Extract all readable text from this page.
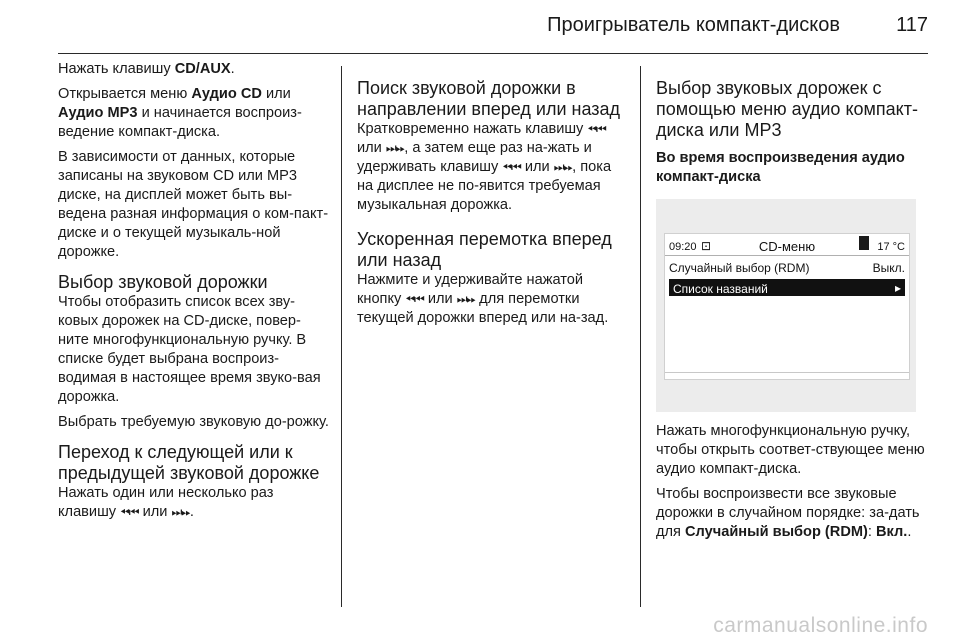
Проигрыватель компакт-дисков	117

Нажать клавишу CD/AUX.

Открывается меню Аудио CD или Аудио MP3 и начинается воспроиз-ведение компакт-диска.

В зависимости от данных, которые записаны на звуковом CD или MP3 диске, на дисплей может быть вы-ведена разная информация о ком-пакт-диске и о текущей музыкаль-ной дорожке.

Выбор звуковой дорожки

Чтобы отобразить список всех зву-ковых дорожек на CD-диске, повер-ните многофункциональную ручку. В списке будет выбрана воспроиз-водимая в настоящее время звуко-вая дорожка.

Выбрать требуемую звуковую до-рожку.

Переход к следующей или к предыдущей звуковой дорожке

Нажать один или несколько раз клавишу ⏪︎⏮︎ или ⏭︎⏩︎.

Поиск звуковой дорожки в направлении вперед или назад

Кратковременно нажать клавишу ⏪︎⏮︎ или ⏭︎⏩︎, а затем еще раз на-жать и удерживать клавишу ⏪︎⏮︎ или ⏭︎⏩︎, пока на дисплее не по-явится требуемая музыкальная дорожка.

Ускоренная перемотка вперед или назад

Нажмите и удерживайте нажатой кнопку ⏪︎⏮︎ или ⏭︎⏩︎ для перемотки текущей дорожки вперед или на-зад.

Выбор звуковых дорожек с помощью меню аудио компакт-диска или MP3
Во время воспроизведения аудио компакт-диска
09:20 ⊡	CD-меню	17 °C
Случайный выбор (RDM)	Выкл.
Список названий	▸

Нажать многофункциональную ручку, чтобы открыть соответ-ствующее меню аудио компакт-диска.

Чтобы воспроизвести все звуковые дорожки в случайном порядке: за-дать для Случайный выбор (RDM): Вкл..

carmanualsonline.info
